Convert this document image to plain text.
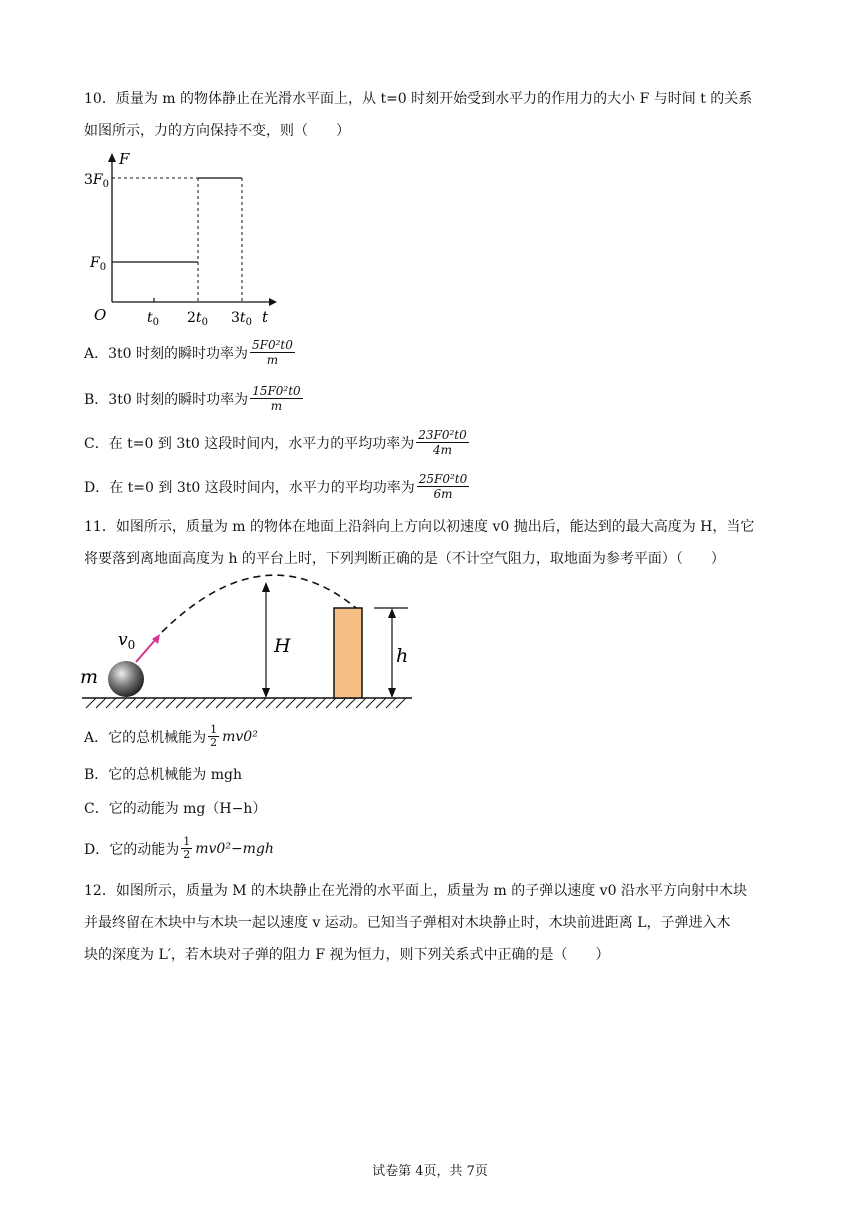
10．质量为 m 的物体静止在光滑水平面上，从 t=0 时刻开始受到水平力的作用力的大小 F 与时间 t 的关系
如图所示，力的方向保持不变，则（　　）
F
t
O
$3F_0$
$F_0$
$t_0$ $2t_0$ $3t_0$
A．3t0 时刻的瞬时功率为 $\frac{\text{5F0²t0}}{m}$
B．3t0 时刻的瞬时功率为 $\frac{\text{15F0²t0}}{m}$
C．在 t=0 到 3t0 这段时间内，水平力的平均功率为 $\frac{\text{23F0²t0}}{4m}$
D．在 t=0 到 3t0 这段时间内，水平力的平均功率为 $\frac{\text{25F0²t0}}{6m}$
11．如图所示，质量为 m 的物体在地面上沿斜向上方向以初速度 v0 抛出后，能达到的最大高度为 H，当它
将要落到离地面高度为 h 的平台上时，下列判断正确的是（不计空气阻力，取地面为参考平面）（　　）
m
$v_0$	H	h
A．它的总机械能为 $\frac{1}{2} mv0^2$
B．它的总机械能为 mgh
C．它的动能为 mg（H−h）
D．它的动能为 $\frac{1}{2} mv0^2-mgh$
12．如图所示，质量为 M 的木块静止在光滑的水平面上，质量为 m 的子弹以速度 v0 沿水平方向射中木块
并最终留在木块中与木块一起以速度 v 运动。已知当子弹相对木块静止时，木块前进距离 L，子弹进入木
块的深度为 L′，若木块对子弹的阻力 F 视为恒力，则下列关系式中正确的是（　　）
试卷第 4页，共 7页
